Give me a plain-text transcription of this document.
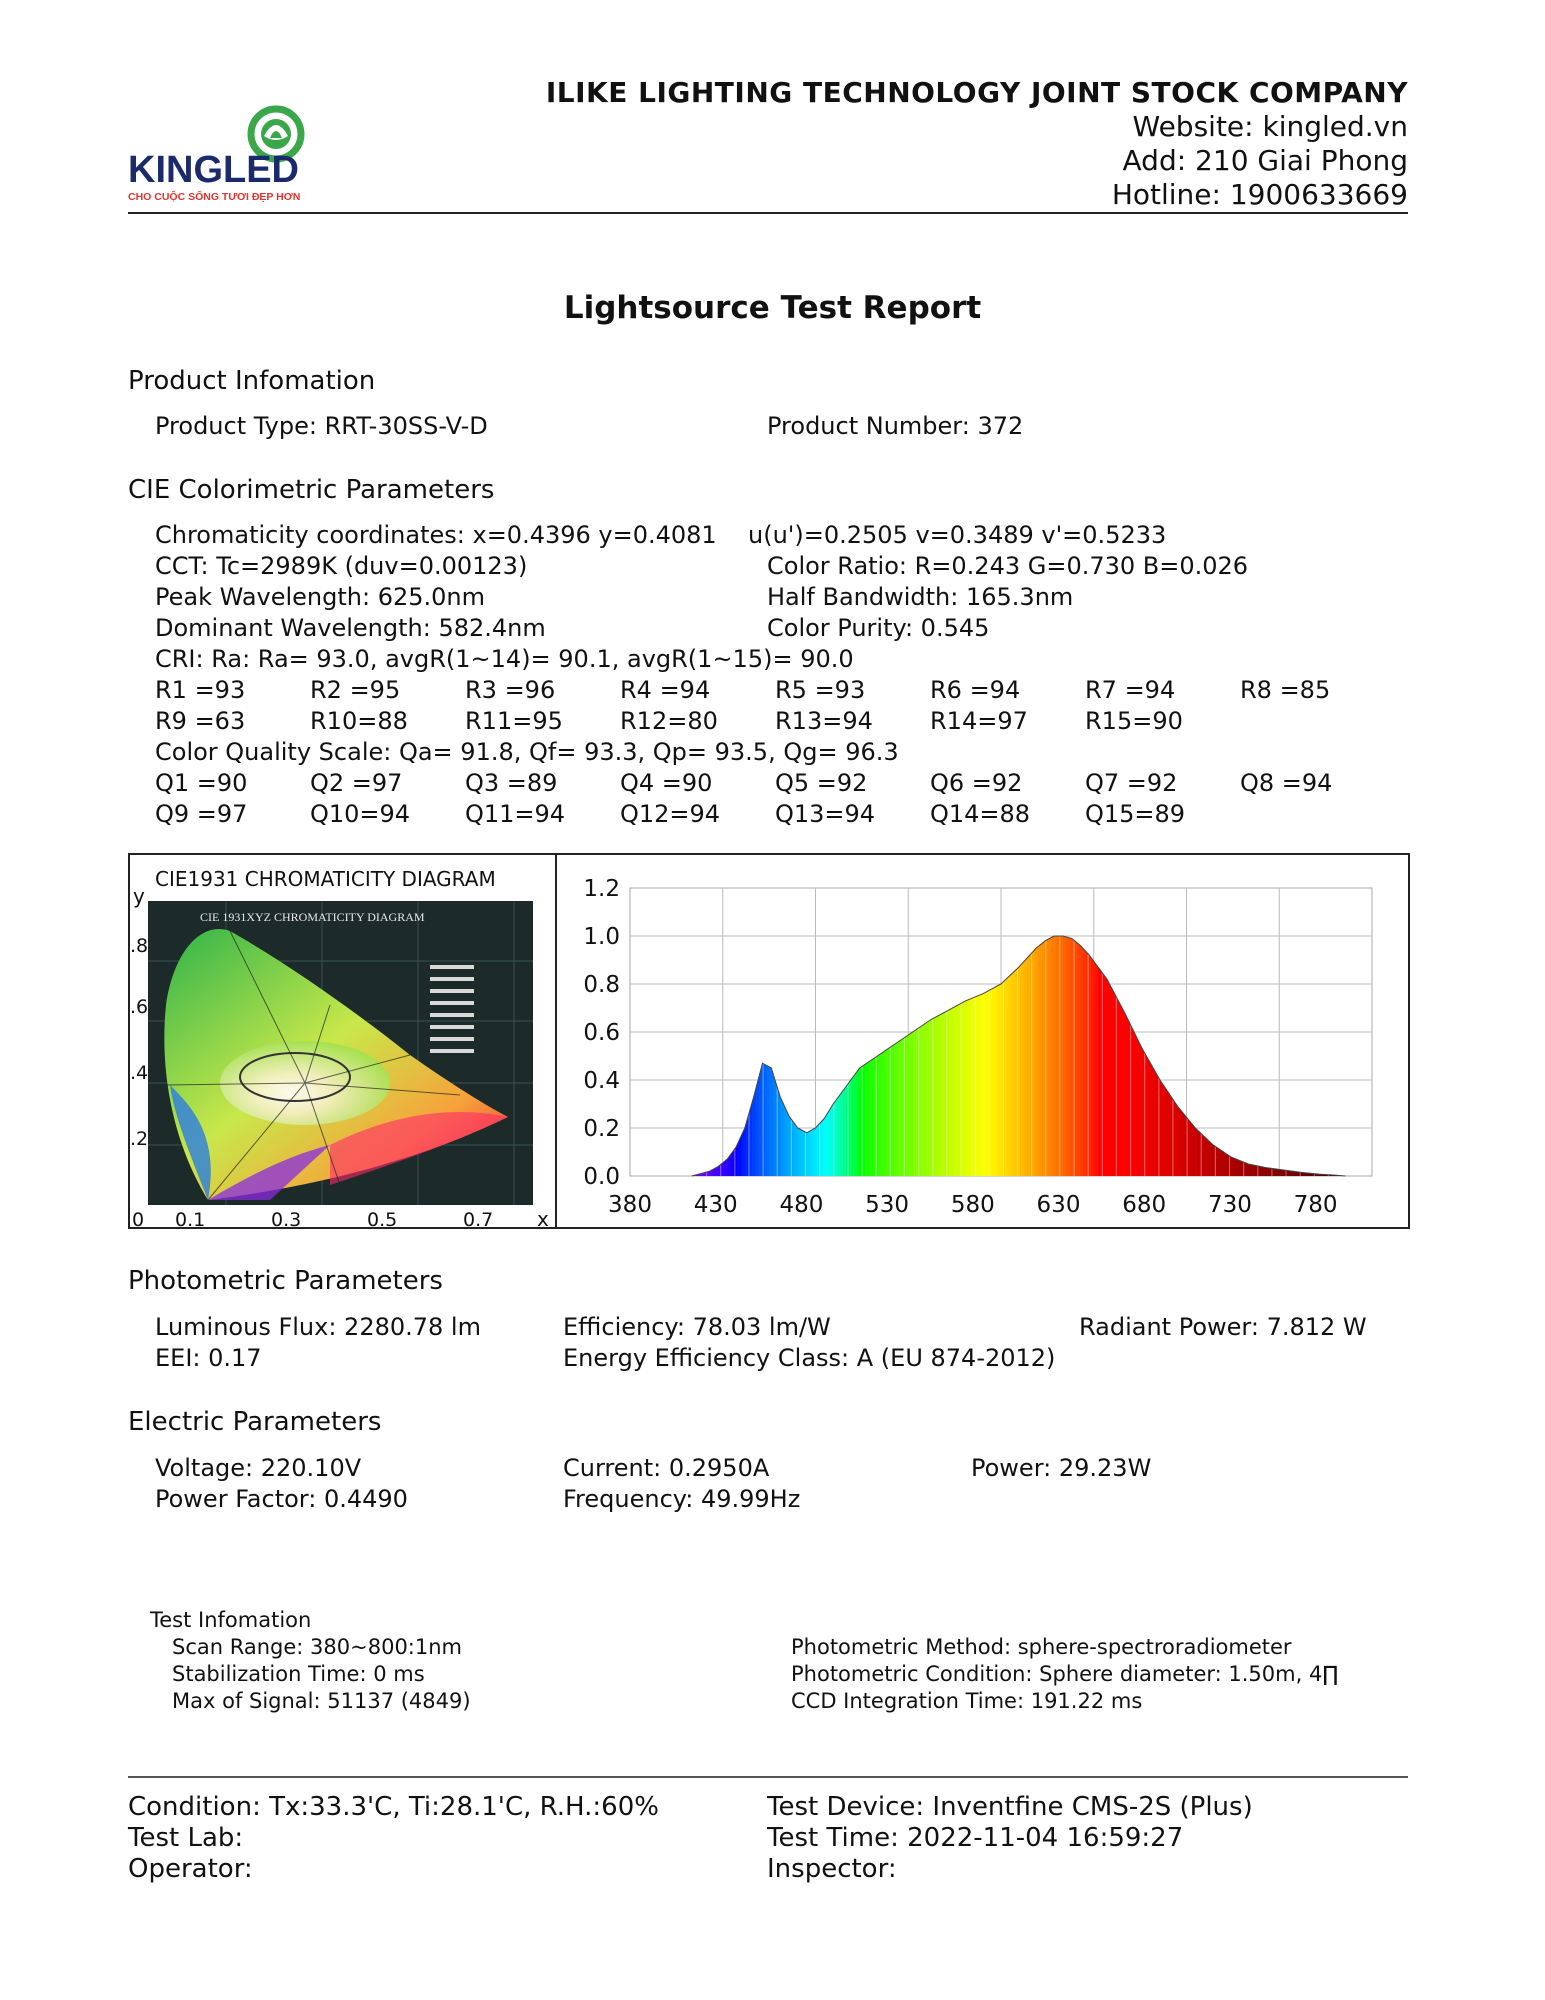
KINGLED
CHO CUỘC SỐNG TƯƠI ĐẸP HƠN
ILIKE LIGHTING TECHNOLOGY JOINT STOCK COMPANY
Website: kingled.vn
Add: 210 Giai Phong
Hotline: 1900633669
Lightsource Test Report
Product Infomation
Product Type: RRT-30SS-V-D	Product Number: 372
CIE Colorimetric Parameters
Chromaticity coordinates: x=0.4396 y=0.4081 u(u')=0.2505 v=0.3489 v'=0.5233
CCT: Tc=2989K (duv=0.00123)	Color Ratio: R=0.243 G=0.730 B=0.026
Peak Wavelength: 625.0nm	Half Bandwidth: 165.3nm
Dominant Wavelength: 582.4nm	Color Purity: 0.545
CRI: Ra: Ra= 93.0, avgR(1~14)= 90.1, avgR(1~15)= 90.0
R1 =93	R2 =95	R3 =96	R4 =94	R5 =93	R6 =94	R7 =94	R8 =85
R9 =63	R10=88 R11=95 R12=80 R13=94 R14=97 R15=90
Color Quality Scale: Qa= 91.8, Qf= 93.3, Qp= 93.5, Qg= 96.3
Q1 =90	Q2 =97	Q3 =89	Q4 =90	Q5 =92	Q6 =92	Q7 =92	Q8 =94
Q9 =97	Q10=94 Q11=94 Q12=94 Q13=94 Q14=88 Q15=89
CIE 1931XYZ CHROMATICITY DIAGRAM
CIE1931 CHROMATICITY DIAGRAM
y
x
.8
.6
.4
.2
0 0.1	0.3	0.5	0.7
0.0
0.2
0.4
0.6
0.8
1.0
1.2
380 430 480 530 580 630 680 730 780
Photometric Parameters
Luminous Flux: 2280.78 lm	Efficiency: 78.03 lm/W	Radiant Power: 7.812 W
EEI: 0.17	Energy Efficiency Class: A (EU 874-2012)
Electric Parameters
Voltage: 220.10V	Current: 0.2950A	Power: 29.23W
Power Factor: 0.4490	Frequency: 49.99Hz
Test Infomation
Scan Range: 380~800:1nm
Stabilization Time: 0 ms
Max of Signal: 51137 (4849)
Photometric Method: sphere-spectroradiometer
Photometric Condition: Sphere diameter: 1.50m, 4∏
CCD Integration Time: 191.22 ms
Condition: Tx:33.3'C, Ti:28.1'C, R.H.:60%	Test Device: Inventfine CMS-2S (Plus)
Test Lab:	Test Time: 2022-11-04 16:59:27
Operator:	Inspector:
